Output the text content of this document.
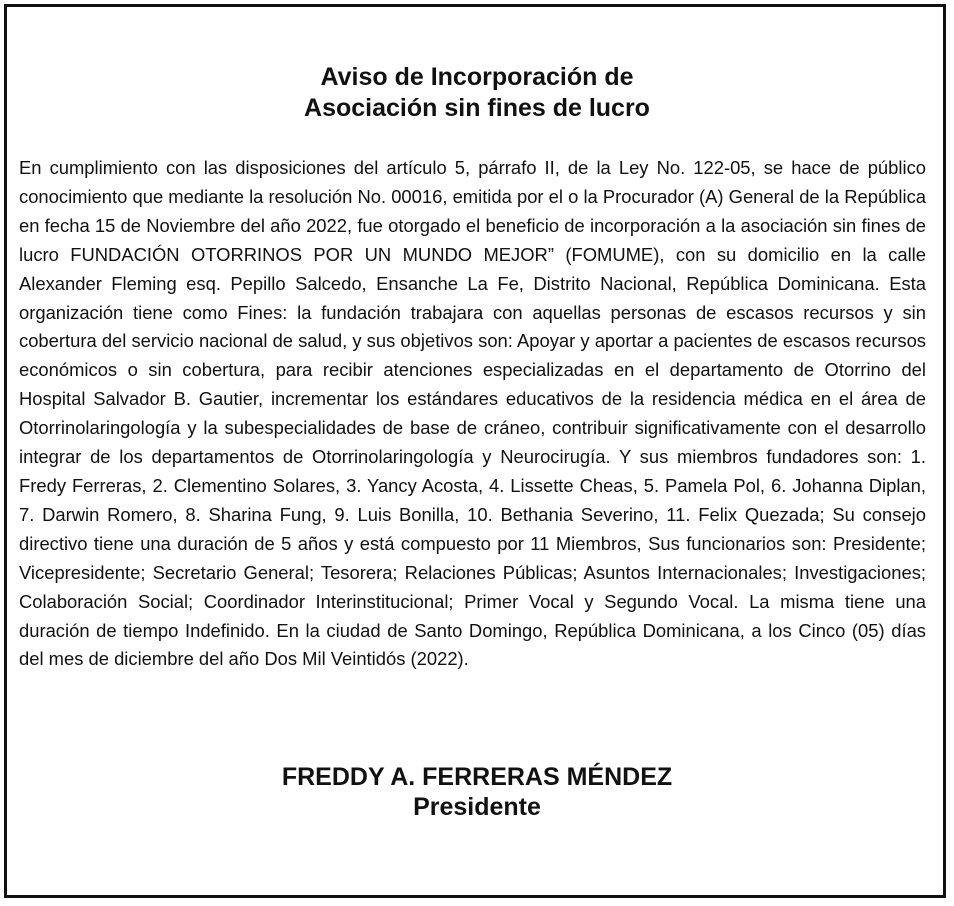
Aviso de Incorporación de
Asociación sin fines de lucro

En cumplimiento con las disposiciones del artículo 5, párrafo II, de la Ley No. 122-05, se hace de público conocimiento que mediante la resolución No. 00016, emitida por el o la Procurador (A) General de la República en fecha 15 de Noviembre del año 2022, fue otorgado el beneficio de incorporación a la asociación sin fines de lucro FUNDACIÓN OTORRINOS POR UN MUNDO MEJOR” (FOMUME), con su domicilio en la calle Alexander Fleming esq. Pepillo Salcedo, Ensanche La Fe, Distrito Nacional, República Dominicana. Esta organización tiene como Fines: la fundación trabajara con aquellas personas de escasos recursos y sin cobertura del servicio nacional de salud, y sus objetivos son: Apoyar y aportar a pacientes de escasos recursos económicos o sin cobertura, para recibir atenciones especializadas en el departamento de Otorrino del Hospital Salvador B. Gautier, incrementar los estándares educativos de la residencia médica en el área de Otorrinolaringología y la subespecialidades de base de cráneo, contribuir significativamente con el desarrollo integrar de los departamentos de Otorrinolaringología y Neurocirugía. Y sus miembros fundadores son: 1. Fredy Ferreras, 2. Clementino Solares, 3. Yancy Acosta, 4. Lissette Cheas, 5. Pamela Pol, 6. Johanna Diplan, 7. Darwin Romero, 8. Sharina Fung, 9. Luis Bonilla, 10. Bethania Severino, 11. Felix Quezada; Su consejo directivo tiene una duración de 5 años y está compuesto por 11 Miembros, Sus funcionarios son: Presidente; Vicepresidente; Secretario General; Tesorera; Relaciones Públicas; Asuntos Internacionales; Investigaciones; Colaboración Social; Coordinador Interinstitucional; Primer Vocal y Segundo Vocal. La misma tiene una duración de tiempo Indefinido. En la ciudad de Santo Domingo, República Dominicana, a los Cinco (05) días del mes de diciembre del año Dos Mil Veintidós (2022).

FREDDY A. FERRERAS MÉNDEZ
Presidente
